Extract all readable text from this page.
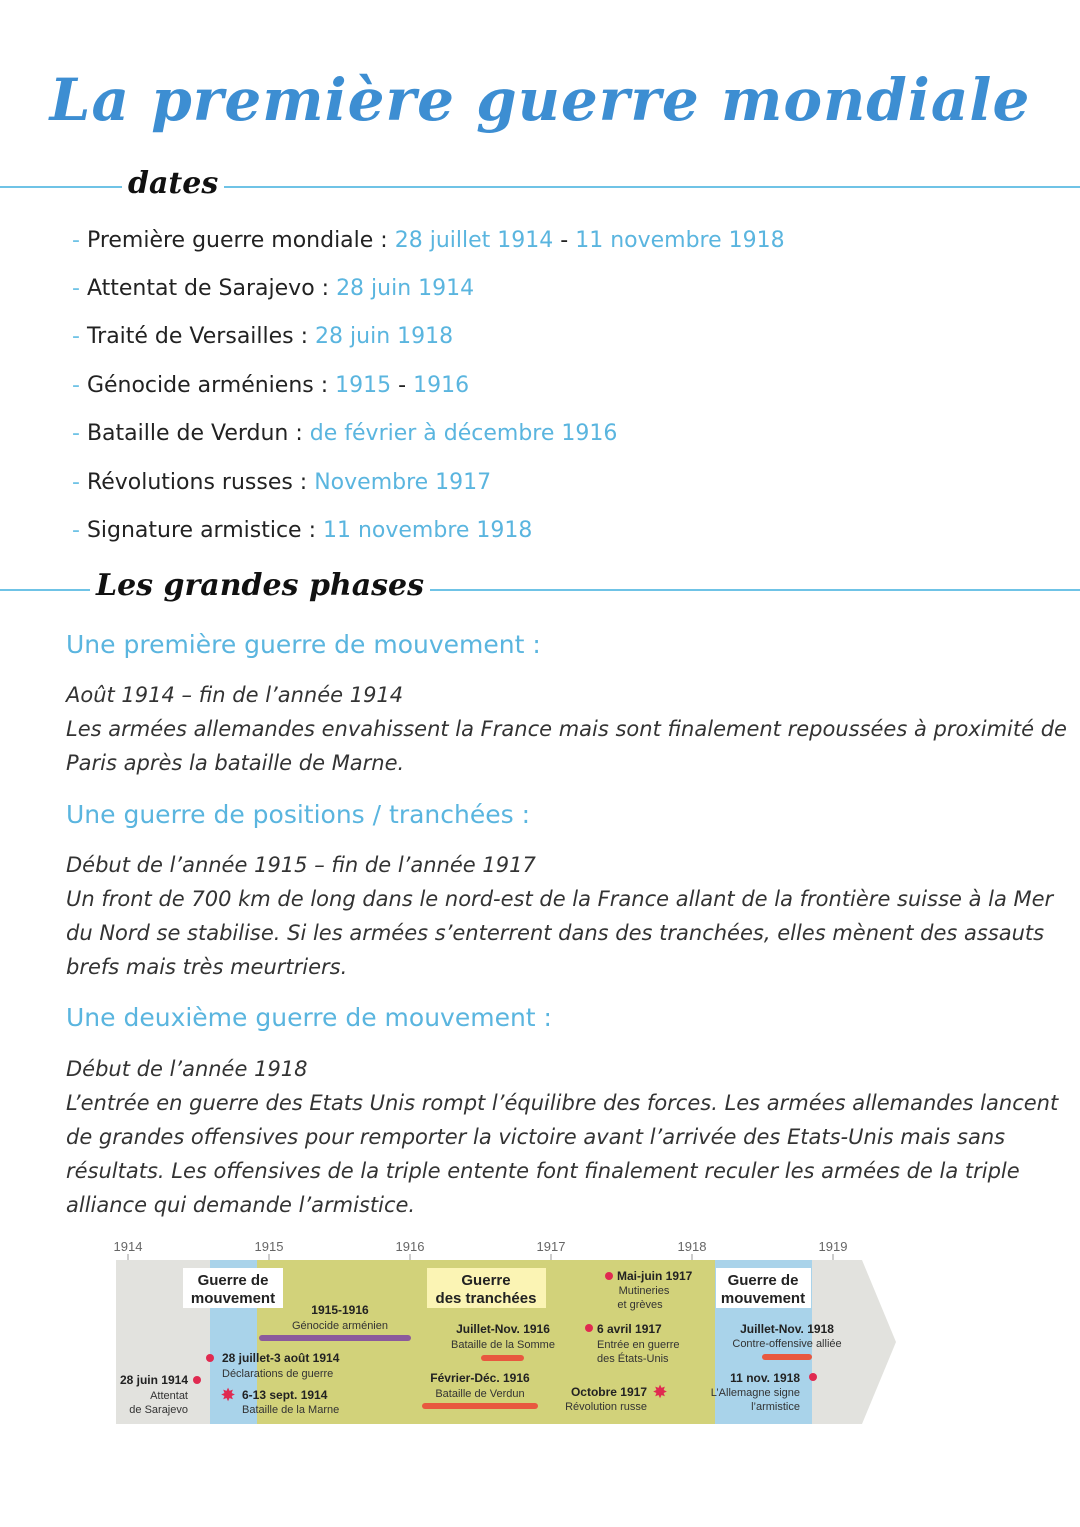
La première guerre mondiale
dates
- Première guerre mondiale : 28 juillet 1914 - 11 novembre 1918
- Attentat de Sarajevo : 28 juin 1914
- Traité de Versailles : 28 juin 1918
- Génocide arméniens : 1915 - 1916
- Bataille de Verdun : de février à décembre 1916
- Révolutions russes : Novembre 1917
- Signature armistice : 11 novembre 1918
Les grandes phases
Une première guerre de mouvement :
Août 1914 – fin de l’année 1914
Les armées allemandes envahissent la France mais sont finalement repoussées à proximité de
Paris après la bataille de Marne.
Une guerre de positions / tranchées :
Début de l’année 1915 – fin de l’année 1917
Un front de 700 km de long dans le nord-est de la France allant de la frontière suisse à la Mer
du Nord se stabilise. Si les armées s’enterrent dans des tranchées, elles mènent des assauts
brefs mais très meurtriers.
Une deuxième guerre de mouvement :
Début de l’année 1918
L’entrée en guerre des Etats Unis rompt l’équilibre des forces. Les armées allemandes lancent
de grandes offensives pour remporter la victoire avant l’arrivée des Etats-Unis mais sans
résultats. Les offensives de la triple entente font finalement reculer les armées de la triple
alliance qui demande l’armistice.
1914	1915	1916	1917	1918	1919
Guerre de
mouvement
Guerre
des tranchées
Guerre de
mouvement
1915-1916
Génocide arménien
28 juillet-3 août 1914
Déclarations de guerre
28 juin 1914
Attentat
de Sarajevo
✸ 6-13 sept. 1914
Bataille de la Marne
Juillet-Nov. 1916
Bataille de la Somme
Février-Déc. 1916
Bataille de Verdun
Mai-juin 1917
Mutineries
et grèves
6 avril 1917
Entrée en guerre
des États-Unis
Octobre 1917
Révolution russe
✸
Juillet-Nov. 1918
Contre-offensive alliée
11 nov. 1918
L’Allemagne signe
l’armistice
